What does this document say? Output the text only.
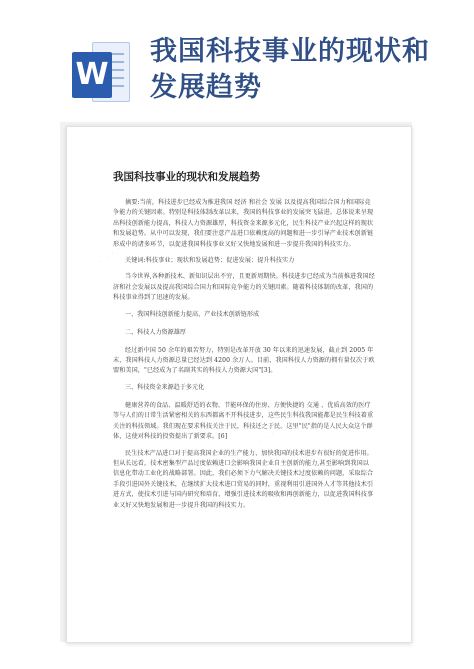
W
我国科技事业的现状和
发展趋势
· · · · ·
· · · · ·
我国科技事业的现状和发展趋势

摘要:当前，科技进步已经成为推进我国 经济 和社会 发展 以及提高我国综合国力和国际竞争能力的关键因素。特别是科技体制改革以来，我国的科技事业的发展突飞猛进。总体说来呈现出科技创新能力提高，科技人力资源雄厚，科技资金来源多元化，民生科技产业兴起这样的现状和发展趋势。从中可以发现，我们要注意产品进口依赖度高的问题和进一步引导产业技术创新链形成中的诸多环节，以促进我国科技事业又好又快地发展和进一步提升我国的科技实力。

关键词:科技事业；现状和发展趋势；促进发展；提升科技实力

当今世界,各种新技术、新知识层出不穷，且更新周期快。科技进步已经成为当前推进我国经济和社会发展以及提高我国综合国力和国际竞争能力的关键因素。随着科技体制的改革，我国的科技事业得到了迅速的发展。

一、我国科技创新能力提高，产业技术创新链形成
二、科技人力资源雄厚

经过新中国 50 余年的艰苦努力，特别是改革开放 30 年以来的迅速发展，截止到 2005 年末，我国科技人力资源总量已经达到 4200 余万人。目前，我国科技人力资源的拥有量仅次于欧盟和美国，"已经成为了名副其实的科技人力资源大国"[3]。

三、科技资金来源趋于多元化

健康营养的食品、温暖舒适的衣物、节能环保的住房、方便快捷的 交通 、优质高效的医疗等与人们的日常生活紧密相关的东西都离不开科技进步，这些民生科技我国能都是民生科技着重关注的科技领域。我们现在要求科技关注于民，科技还之于民。这里"民"指的是人民大众这个群体，这使对科技的投资提出了新要求。[6]

民生技术产品进口对于提高我国企业的生产能力、加快我国的技术进步有很好的促进作用。但从长远看，技术密集型产品过度依赖进口会影响我国企业自主创新的能力,甚至影响到我国以信息化带动工业化的战略部署。因此，我们必须下力气解决关键技术过度依赖的问题，采取综合手段引进国外关键技术，在继续扩大技术进口贸易的同时，重视利用引进国外人才等其他技术引进方式，使技术引进与国内研究和培育、增强引进技术的吸收和再创新能力，以促进我国科技事业又好又快地发展和进一步提升我国的科技实力。
